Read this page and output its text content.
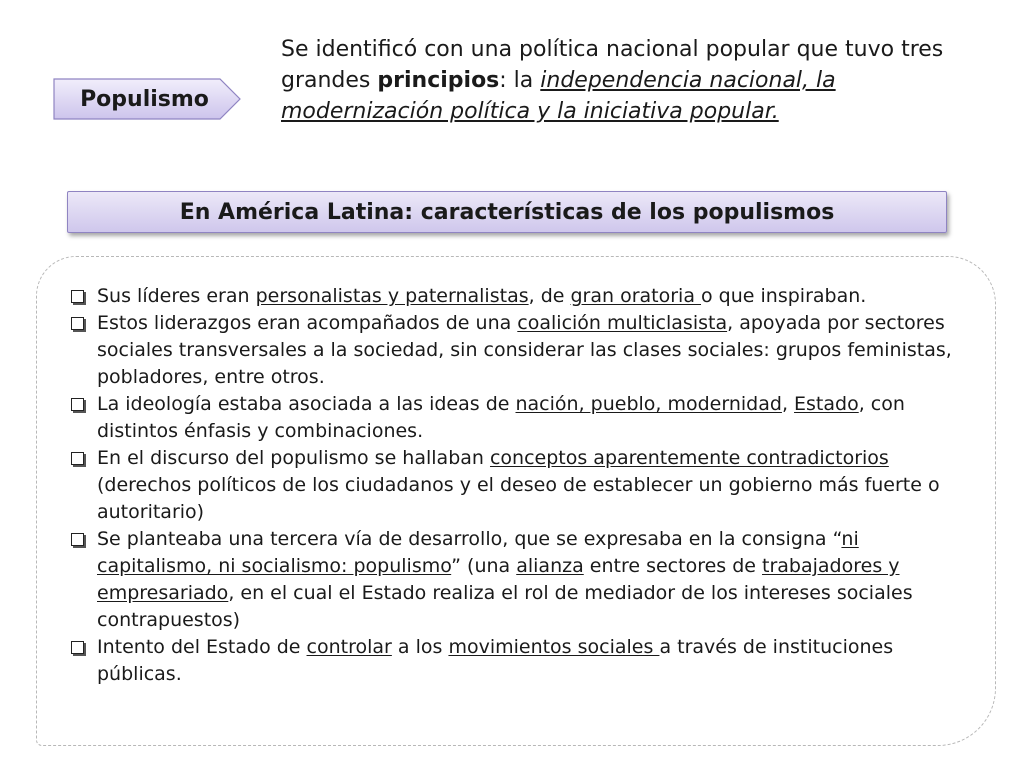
Populismo
Se identificó con una política nacional popular que tuvo tres grandes principios: la independencia nacional, la modernización política y la iniciativa popular.
En América Latina: características de los populismos
Sus líderes eran personalistas y paternalistas, de gran oratoria o que inspiraban.
Estos liderazgos eran acompañados de una coalición multiclasista, apoyada por sectores sociales transversales a la sociedad, sin considerar las clases sociales: grupos feministas, pobladores, entre otros.
La ideología estaba asociada a las ideas de nación, pueblo, modernidad, Estado, con distintos énfasis y combinaciones.
En el discurso del populismo se hallaban conceptos aparentemente contradictorios (derechos políticos de los ciudadanos y el deseo de establecer un gobierno más fuerte o autoritario)
Se planteaba una tercera vía de desarrollo, que se expresaba en la consigna “ni capitalismo, ni socialismo: populismo” (una alianza entre sectores de trabajadores y empresariado, en el cual el Estado realiza el rol de mediador de los intereses sociales contrapuestos)
Intento del Estado de controlar a los movimientos sociales a través de instituciones públicas.
